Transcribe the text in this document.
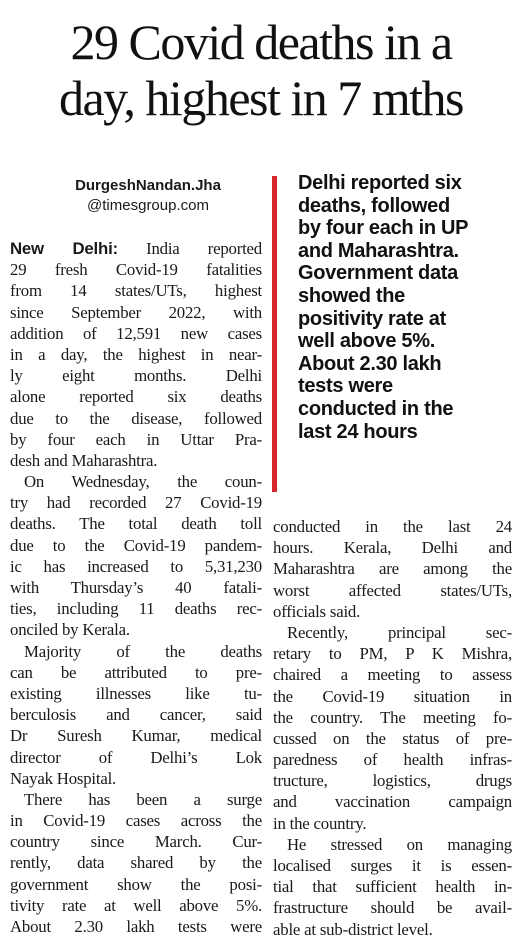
29 Covid deaths in a
day, highest in 7 mths
DurgeshNandan.Jha
@timesgroup.com
Delhi reported six
deaths, followed
by four each in UP
and Maharashtra.
Government data
showed the
positivity rate at
well above 5%.
About 2.30 lakh
tests were
conducted in the
last 24 hours
New Delhi: India reported
29 fresh Covid-19 fatalities
from 14 states/UTs, highest
since September 2022, with
addition of 12,591 new cases
in a day, the highest in near-
ly eight months. Delhi
alone reported six deaths
due to the disease, followed
by four each in Uttar Pra-
desh and Maharashtra.
On Wednesday, the coun-
try had recorded 27 Covid-19
deaths. The total death toll
due to the Covid-19 pandem-
ic has increased to 5,31,230
with Thursday’s 40 fatali-
ties, including 11 deaths rec-
onciled by Kerala.
Majority of the deaths
can be attributed to pre-
existing illnesses like tu-
berculosis and cancer, said
Dr Suresh Kumar, medical
director of Delhi’s Lok
Nayak Hospital.
There has been a surge
in Covid-19 cases across the
country since March. Cur-
rently, data shared by the
government show the posi-
tivity rate at well above 5%.
About 2.30 lakh tests were
conducted in the last 24
hours. Kerala, Delhi and
Maharashtra are among the
worst affected states/UTs,
officials said.
Recently, principal sec-
retary to PM, P K Mishra,
chaired a meeting to assess
the Covid-19 situation in
the country. The meeting fo-
cussed on the status of pre-
paredness of health infras-
tructure, logistics, drugs
and vaccination campaign
in the country.
He stressed on managing
localised surges it is essen-
tial that sufficient health in-
frastructure should be avail-
able at sub-district level.
